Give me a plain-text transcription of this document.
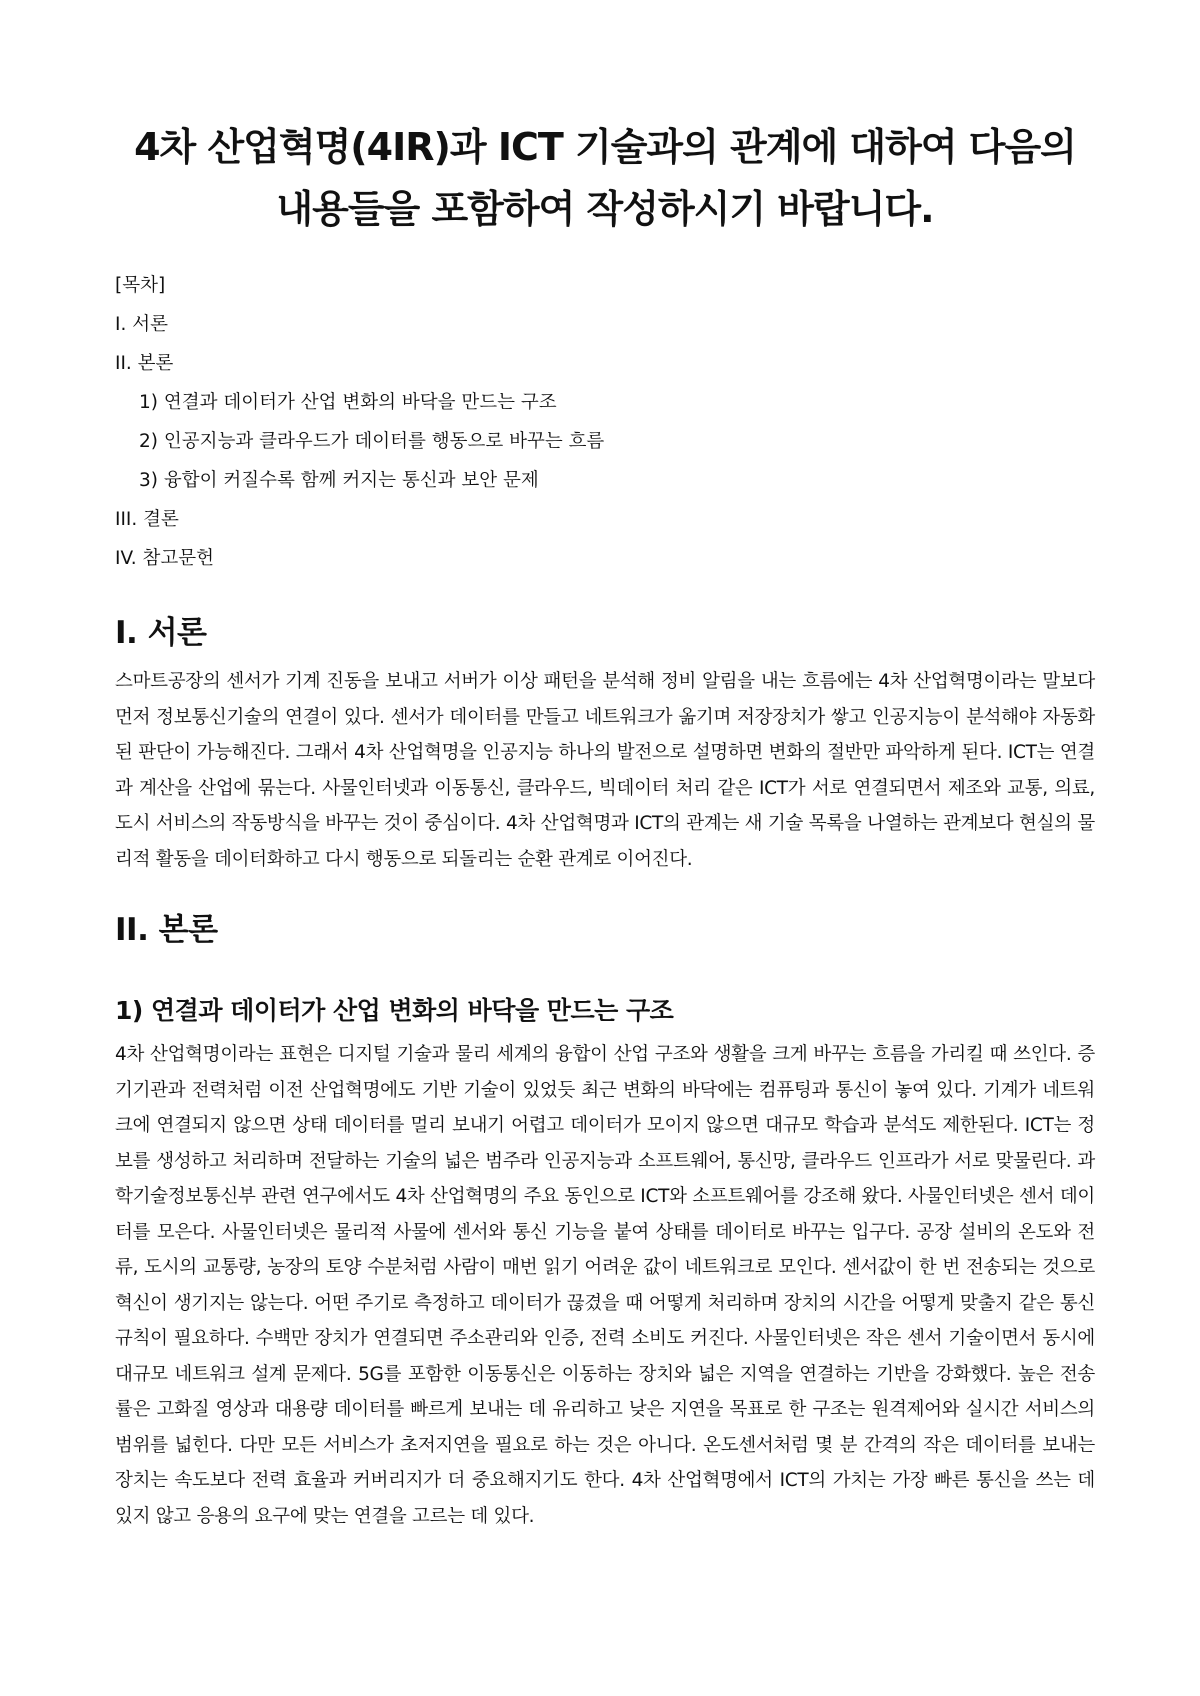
4차 산업혁명(4IR)과 ICT 기술과의 관계에 대하여 다음의 내용들을 포함하여 작성하시기 바랍니다.
[목차]
I. 서론
II. 본론
1) 연결과 데이터가 산업 변화의 바닥을 만드는 구조
2) 인공지능과 클라우드가 데이터를 행동으로 바꾸는 흐름
3) 융합이 커질수록 함께 커지는 통신과 보안 문제
III. 결론
IV. 참고문헌
I. 서론

스마트공장의 센서가 기계 진동을 보내고 서버가 이상 패턴을 분석해 정비 알림을 내는 흐름에는 4차 산업혁명이라는 말보다 먼저 정보통신기술의 연결이 있다. 센서가 데이터를 만들고 네트워크가 옮기며 저장장치가 쌓고 인공지능이 분석해야 자동화된 판단이 가능해진다. 그래서 4차 산업혁명을 인공지능 하나의 발전으로 설명하면 변화의 절반만 파악하게 된다. ICT는 연결과 계산을 산업에 묶는다. 사물인터넷과 이동통신, 클라우드, 빅데이터 처리 같은 ICT가 서로 연결되면서 제조와 교통, 의료, 도시 서비스의 작동방식을 바꾸는 것이 중심이다. 4차 산업혁명과 ICT의 관계는 새 기술 목록을 나열하는 관계보다 현실의 물리적 활동을 데이터화하고 다시 행동으로 되돌리는 순환 관계로 이어진다.

II. 본론
1) 연결과 데이터가 산업 변화의 바닥을 만드는 구조

4차 산업혁명이라는 표현은 디지털 기술과 물리 세계의 융합이 산업 구조와 생활을 크게 바꾸는 흐름을 가리킬 때 쓰인다. 증기기관과 전력처럼 이전 산업혁명에도 기반 기술이 있었듯 최근 변화의 바닥에는 컴퓨팅과 통신이 놓여 있다. 기계가 네트워크에 연결되지 않으면 상태 데이터를 멀리 보내기 어렵고 데이터가 모이지 않으면 대규모 학습과 분석도 제한된다. ICT는 정보를 생성하고 처리하며 전달하는 기술의 넓은 범주라 인공지능과 소프트웨어, 통신망, 클라우드 인프라가 서로 맞물린다. 과학기술정보통신부 관련 연구에서도 4차 산업혁명의 주요 동인으로 ICT와 소프트웨어를 강조해 왔다. 사물인터넷은 센서 데이터를 모은다. 사물인터넷은 물리적 사물에 센서와 통신 기능을 붙여 상태를 데이터로 바꾸는 입구다. 공장 설비의 온도와 전류, 도시의 교통량, 농장의 토양 수분처럼 사람이 매번 읽기 어려운 값이 네트워크로 모인다. 센서값이 한 번 전송되는 것으로 혁신이 생기지는 않는다. 어떤 주기로 측정하고 데이터가 끊겼을 때 어떻게 처리하며 장치의 시간을 어떻게 맞출지 같은 통신 규칙이 필요하다. 수백만 장치가 연결되면 주소관리와 인증, 전력 소비도 커진다. 사물인터넷은 작은 센서 기술이면서 동시에 대규모 네트워크 설계 문제다. 5G를 포함한 이동통신은 이동하는 장치와 넓은 지역을 연결하는 기반을 강화했다. 높은 전송률은 고화질 영상과 대용량 데이터를 빠르게 보내는 데 유리하고 낮은 지연을 목표로 한 구조는 원격제어와 실시간 서비스의 범위를 넓힌다. 다만 모든 서비스가 초저지연을 필요로 하는 것은 아니다. 온도센서처럼 몇 분 간격의 작은 데이터를 보내는 장치는 속도보다 전력 효율과 커버리지가 더 중요해지기도 한다. 4차 산업혁명에서 ICT의 가치는 가장 빠른 통신을 쓰는 데 있지 않고 응용의 요구에 맞는 연결을 고르는 데 있다.
